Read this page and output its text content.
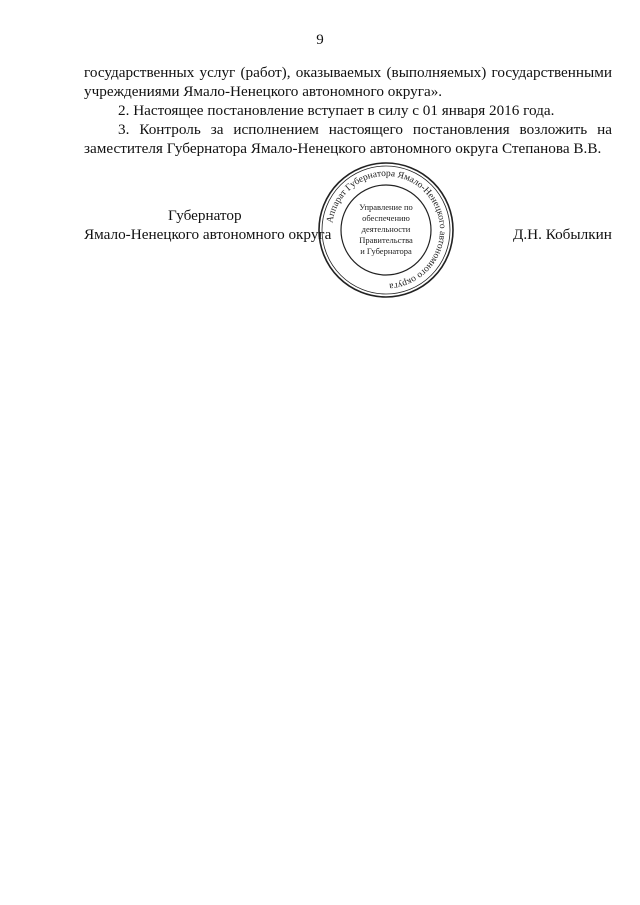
9

государственных услуг (работ), оказываемых (выполняемых) государственными
учреждениями Ямало-Ненецкого автономного округа».

2. Настоящее постановление вступает в силу с 01 января 2016 года.

3. Контроль за исполнением настоящего постановления возложить на
заместителя Губернатора Ямало-Ненецкого автономного округа Степанова В.В.

Губернатор
Ямало-Ненецкого автономного округа	Д.Н. Кобылкин
Аппарат Губернатора Ямало-Ненецкого автономного округа
Управление по
обеспечению
деятельности
Правительства
и Губернатора
